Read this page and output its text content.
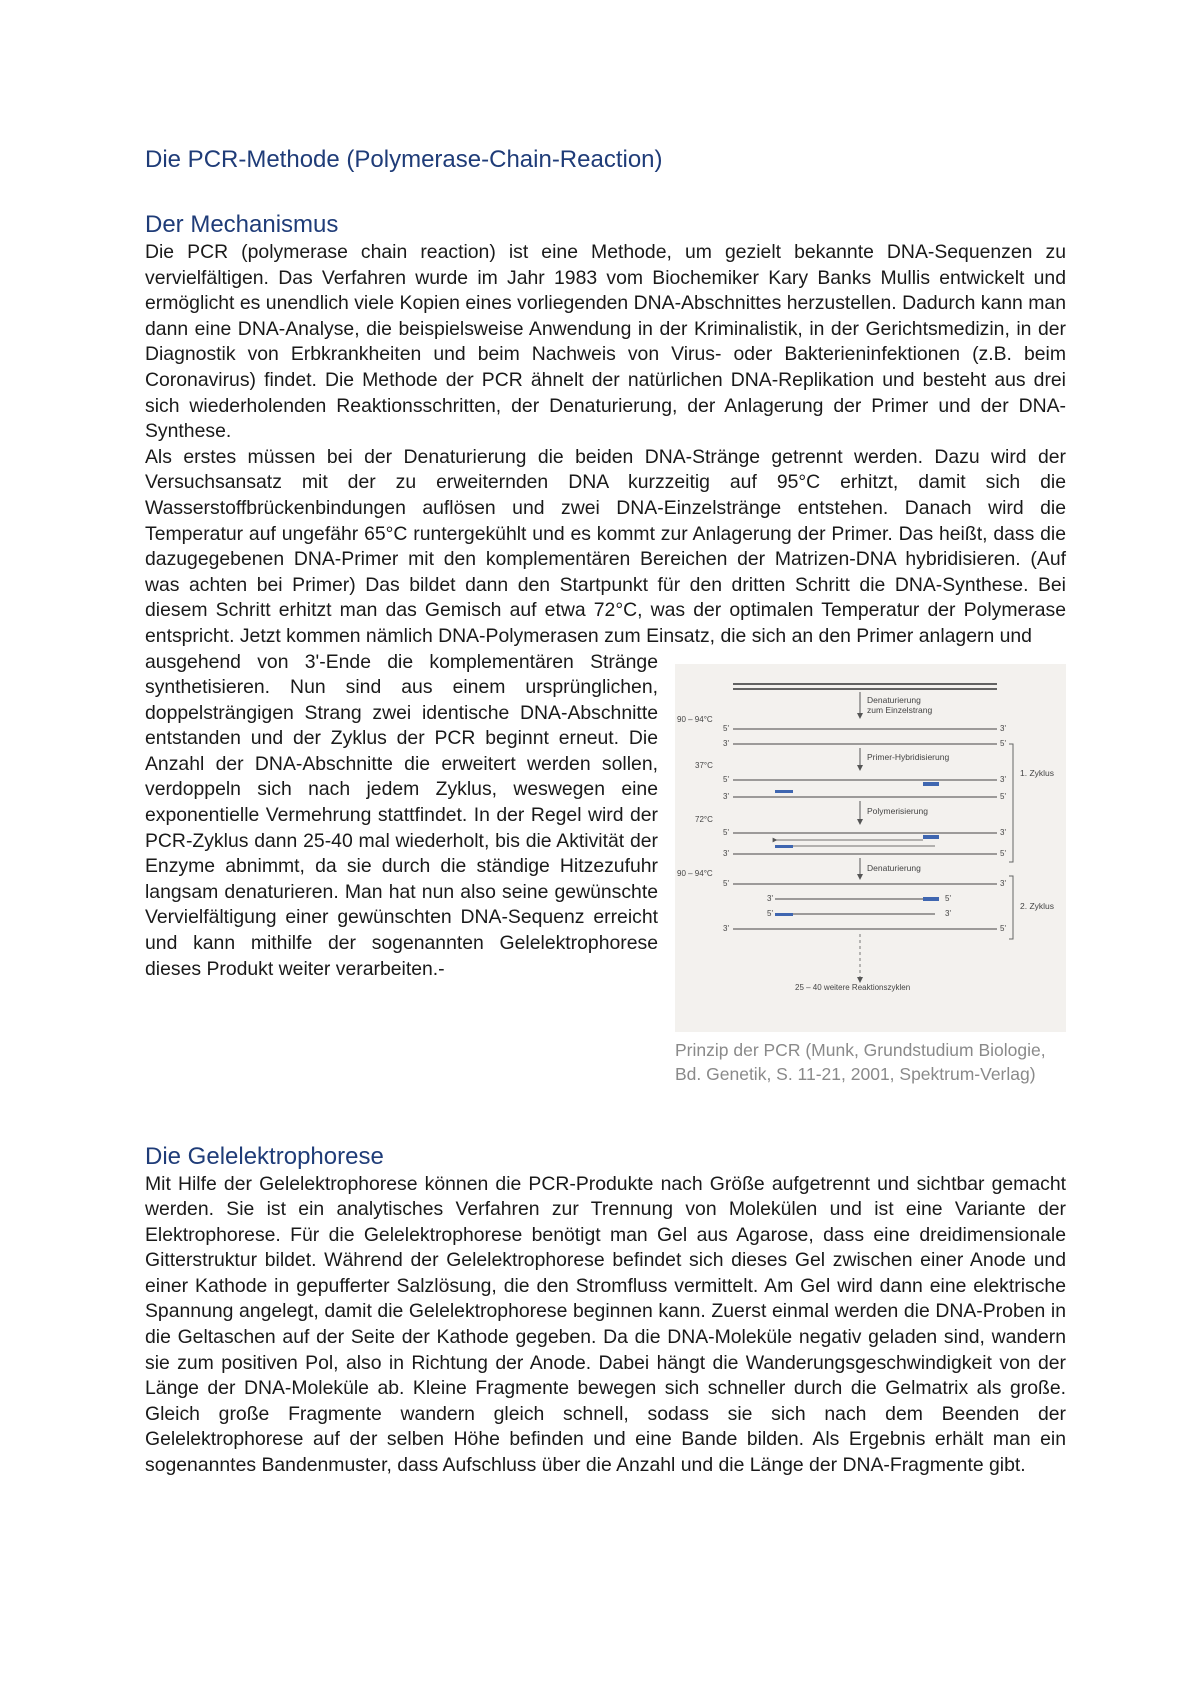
Die PCR-Methode (Polymerase-Chain-Reaction)
Der Mechanismus

Die PCR (polymerase chain reaction) ist eine Methode, um gezielt bekannte DNA-Sequenzen zu vervielfältigen. Das Verfahren wurde im Jahr 1983 vom Biochemiker Kary Banks Mullis entwickelt und ermöglicht es unendlich viele Kopien eines vorliegenden DNA-Abschnittes herzustellen. Dadurch kann man dann eine DNA-Analyse, die beispielsweise Anwendung in der Kriminalistik, in der Gerichtsmedizin, in der Diagnostik von Erbkrankheiten und beim Nachweis von Virus- oder Bakterieninfektionen (z.B. beim Coronavirus) findet. Die Methode der PCR ähnelt der natürlichen DNA-Replikation und besteht aus drei sich wiederholenden Reaktionsschritten, der Denaturierung, der Anlagerung der Primer und der DNA-Synthese.

Als erstes müssen bei der Denaturierung die beiden DNA-Stränge getrennt werden. Dazu wird der Versuchsansatz mit der zu erweiternden DNA kurzzeitig auf 95°C erhitzt, damit sich die Wasserstoffbrückenbindungen auflösen und zwei DNA-Einzelstränge entstehen. Danach wird die Temperatur auf ungefähr 65°C runtergekühlt und es kommt zur Anlagerung der Primer. Das heißt, dass die dazugegebenen DNA-Primer mit den komplementären Bereichen der Matrizen-DNA hybridisieren. (Auf was achten bei Primer) Das bildet dann den Startpunkt für den dritten Schritt die DNA-Synthese. Bei diesem Schritt erhitzt man das Gemisch auf etwa 72°C, was der optimalen Temperatur der Polymerase entspricht. Jetzt kommen nämlich DNA-Polymerasen zum Einsatz, die sich an den Primer anlagern und

ausgehend von 3'-Ende die komplementären Stränge synthetisieren. Nun sind aus einem ursprünglichen, doppelsträngigen Strang zwei identische DNA-Abschnitte entstanden und der Zyklus der PCR beginnt erneut. Die Anzahl der DNA-Abschnitte die erweitert werden sollen, verdoppeln sich nach jedem Zyklus, weswegen eine exponentielle Vermehrung stattfindet. In der Regel wird der PCR-Zyklus dann 25-40 mal wiederholt, bis die Aktivität der Enzyme abnimmt, da sie durch die ständige Hitzezufuhr langsam denaturieren. Man hat nun also seine gewünschte Vervielfältigung einer gewünschten DNA-Sequenz erreicht und kann mithilfe der sogenannten Gelelektrophorese dieses Produkt weiter verarbeiten.-

Denaturierung
zum Einzelstrang
90 – 94°C
5'	3'
3'	5'
Primer-Hybridisierung
37°C
5'	3'
3'	5'
Polymerisierung
72°C
5'	3'
3'	5'
1. Zyklus
Denaturierung
90 – 94°C
5'	3'
3'	5'
5'	3'
3'	5'
2. Zyklus
25 – 40 weitere Reaktionszyklen
Prinzip der PCR (Munk, Grundstudium Biologie, Bd. Genetik, S. 11-21, 2001, Spektrum-Verlag)
Die Gelelektrophorese

Mit Hilfe der Gelelektrophorese können die PCR-Produkte nach Größe aufgetrennt und sichtbar gemacht werden. Sie ist ein analytisches Verfahren zur Trennung von Molekülen und ist eine Variante der Elektrophorese. Für die Gelelektrophorese benötigt man Gel aus Agarose, dass eine dreidimensionale Gitterstruktur bildet. Während der Gelelektrophorese befindet sich dieses Gel zwischen einer Anode und einer Kathode in gepufferter Salzlösung, die den Stromfluss vermittelt. Am Gel wird dann eine elektrische Spannung angelegt, damit die Gelelektrophorese beginnen kann. Zuerst einmal werden die DNA-Proben in die Geltaschen auf der Seite der Kathode gegeben. Da die DNA-Moleküle negativ geladen sind, wandern sie zum positiven Pol, also in Richtung der Anode. Dabei hängt die Wanderungsgeschwindigkeit von der Länge der DNA-Moleküle ab. Kleine Fragmente bewegen sich schneller durch die Gelmatrix als große. Gleich große Fragmente wandern gleich schnell, sodass sie sich nach dem Beenden der Gelelektrophorese auf der selben Höhe befinden und eine Bande bilden. Als Ergebnis erhält man ein sogenanntes Bandenmuster, dass Aufschluss über die Anzahl und die Länge der DNA-Fragmente gibt.
